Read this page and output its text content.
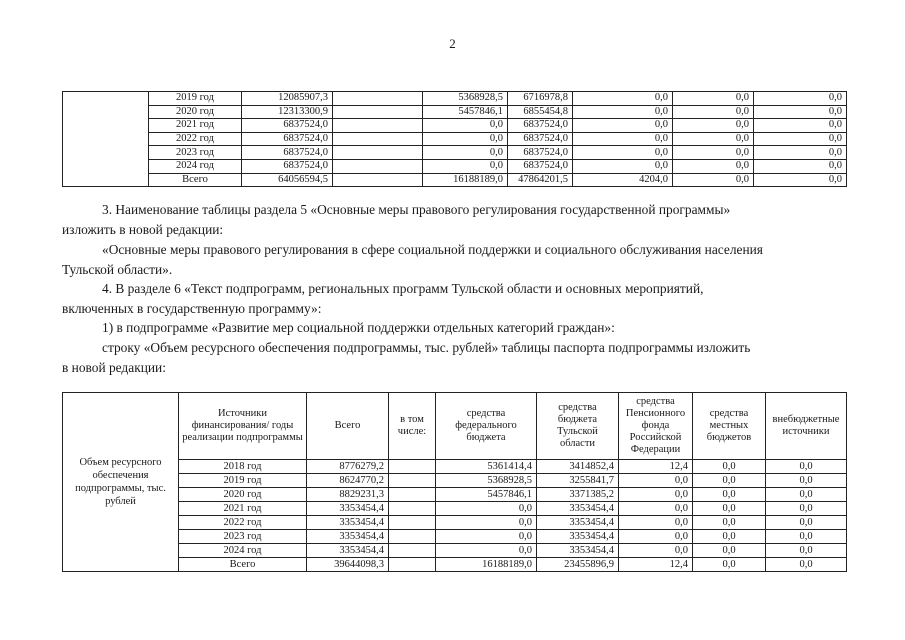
2
	2019 год	12085907,3		5368928,5	6716978,8	0,0	0,0	0,0
	2020 год	12313300,9		5457846,1	6855454,8	0,0	0,0	0,0
	2021 год	6837524,0		0,0	6837524,0	0,0	0,0	0,0
	2022 год	6837524,0		0,0	6837524,0	0,0	0,0	0,0
	2023 год	6837524,0		0,0	6837524,0	0,0	0,0	0,0
	2024 год	6837524,0		0,0	6837524,0	0,0	0,0	0,0
	Всего	64056594,5		16188189,0	47864201,5	4204,0	0,0	0,0
3. Наименование таблицы раздела 5 «Основные меры правового регулирования государственной программы»
изложить в новой редакции:
«Основные меры правового регулирования в сфере социальной поддержки и социального обслуживания населения
Тульской области».
4. В разделе 6 «Текст подпрограмм, региональных программ Тульской области и основных мероприятий,
включенных в государственную программу»:
1) в подпрограмме «Развитие мер социальной поддержки отдельных категорий граждан»:
строку «Объем ресурсного обеспечения подпрограммы, тыс. рублей» таблицы паспорта подпрограммы изложить
в новой редакции:
Объем ресурсного обеспечения подпрограммы, тыс. рублей	Источники финансирования/ годы реализации подпрограммы	Всего	в том числе:	средства федерального бюджета	средства бюджета Тульской области	средства Пенсионного фонда Российской Федерации	средства местных бюджетов	внебюджетные источники
	2018 год	8776279,2		5361414,4	3414852,4	12,4	0,0	0,0
	2019 год	8624770,2		5368928,5	3255841,7	0,0	0,0	0,0
	2020 год	8829231,3		5457846,1	3371385,2	0,0	0,0	0,0
	2021 год	3353454,4		0,0	3353454,4	0,0	0,0	0,0
	2022 год	3353454,4		0,0	3353454,4	0,0	0,0	0,0
	2023 год	3353454,4		0,0	3353454,4	0,0	0,0	0,0
	2024 год	3353454,4		0,0	3353454,4	0,0	0,0	0,0
	Всего	39644098,3		16188189,0	23455896,9	12,4	0,0	0,0
